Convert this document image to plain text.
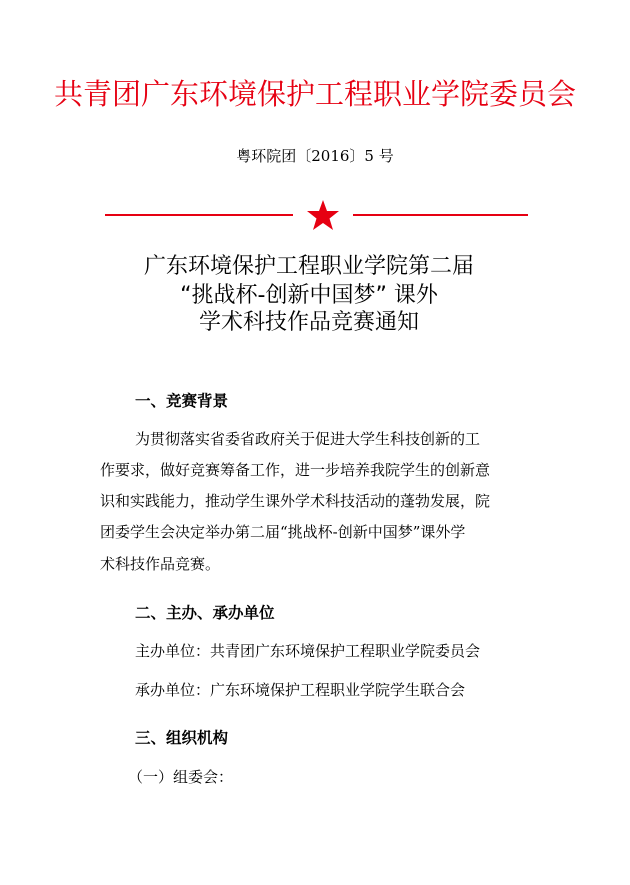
共青团广东环境保护工程职业学院委员会
粤环院团〔2016〕5 号
广东环境保护工程职业学院第二届
“挑战杯-创新中国梦” 课外
学术科技作品竞赛通知
一、竞赛背景
为贯彻落实省委省政府关于促进大学生科技创新的工
作要求，做好竞赛筹备工作，进一步培养我院学生的创新意
识和实践能力，推动学生课外学术科技活动的蓬勃发展，院
团委学生会决定举办第二届“挑战杯-创新中国梦”课外学
术科技作品竞赛。
二、主办、承办单位
主办单位：共青团广东环境保护工程职业学院委员会
承办单位：广东环境保护工程职业学院学生联合会
三、组织机构
（一）组委会：
